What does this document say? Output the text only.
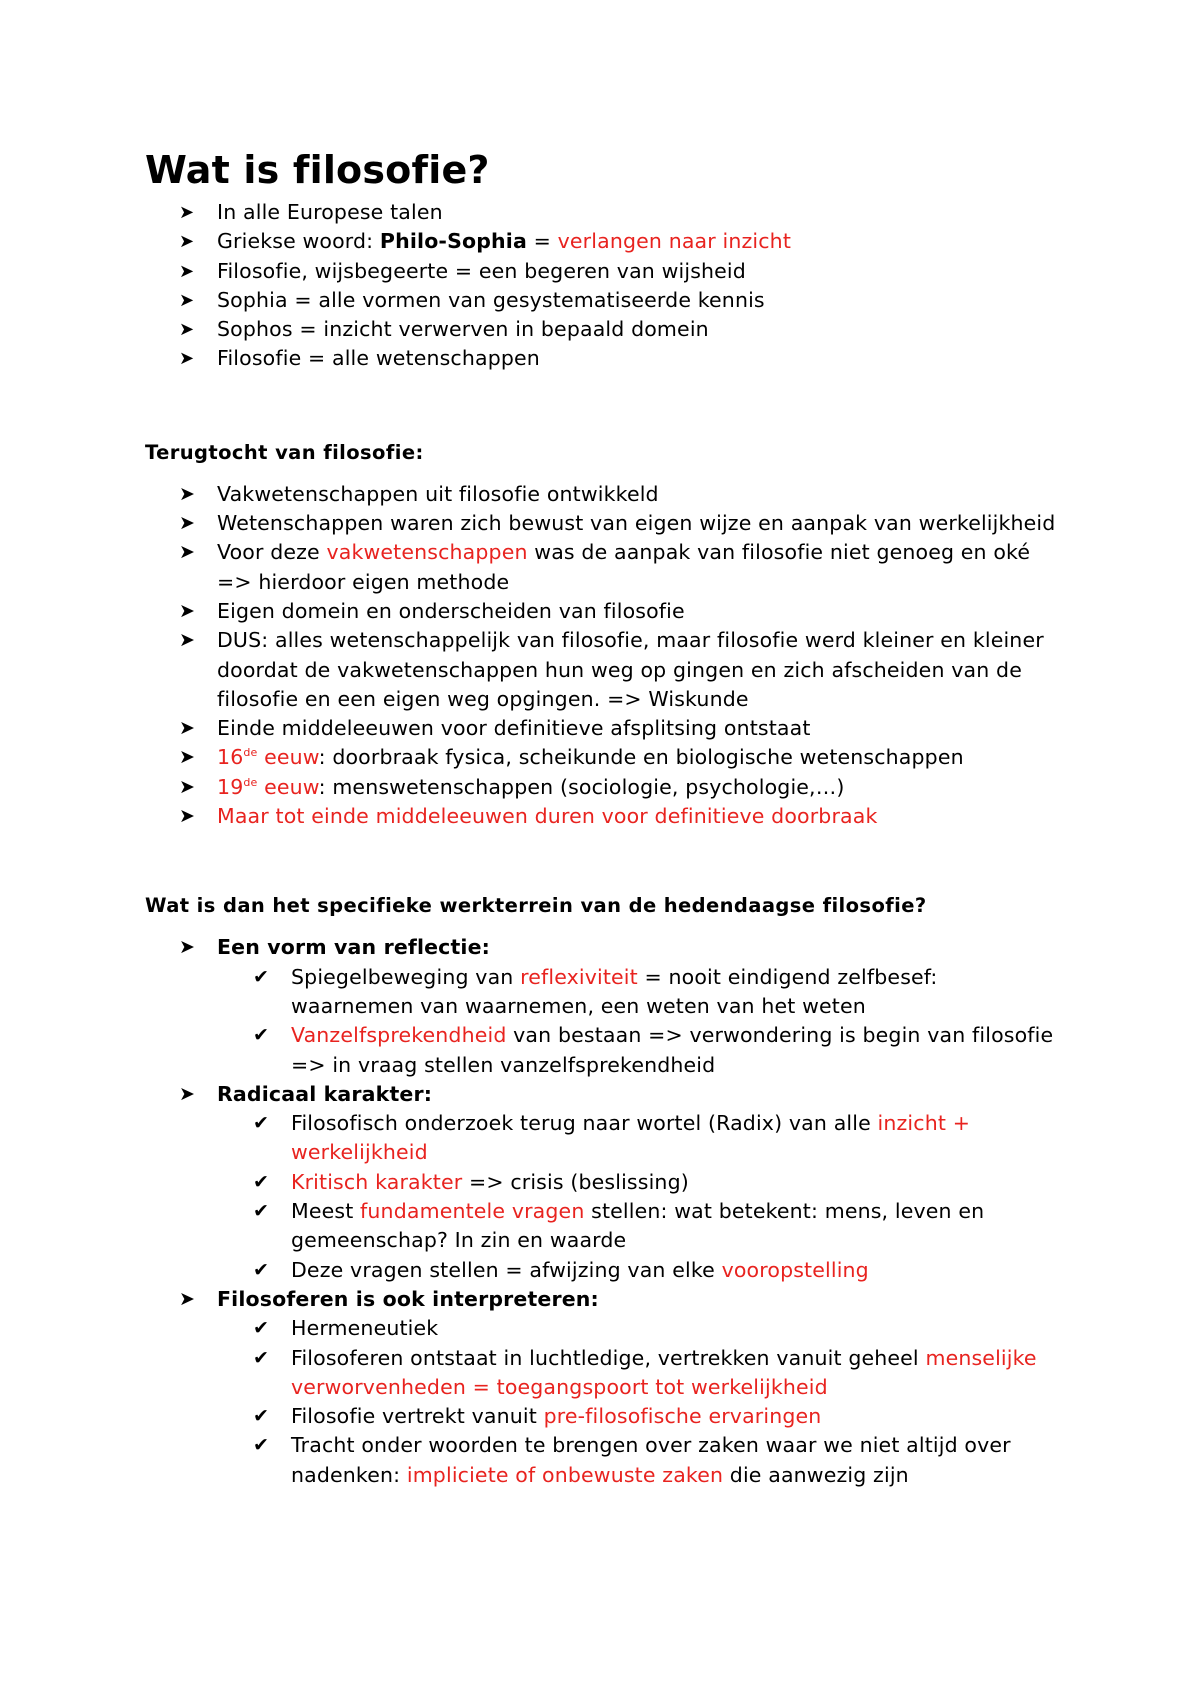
Wat is filosofie?
➤	In alle Europese talen
➤	Griekse woord: Philo-Sophia = verlangen naar inzicht
➤	Filosofie, wijsbegeerte = een begeren van wijsheid
➤	Sophia = alle vormen van gesystematiseerde kennis
➤	Sophos = inzicht verwerven in bepaald domein
➤	Filosofie = alle wetenschappen
Terugtocht van filosofie:
➤ Vakwetenschappen uit filosofie ontwikkeld
➤ Wetenschappen waren zich bewust van eigen wijze en aanpak van werkelijkheid
➤ Voor deze vakwetenschappen was de aanpak van filosofie niet genoeg en oké => hierdoor eigen methode
➤ Eigen domein en onderscheiden van filosofie
➤ DUS: alles wetenschappelijk van filosofie, maar filosofie werd kleiner en kleiner doordat de vakwetenschappen hun weg op gingen en zich afscheiden van de filosofie en een eigen weg opgingen. => Wiskunde
➤ Einde middeleeuwen voor definitieve afsplitsing ontstaat
➤ 16de eeuw: doorbraak fysica, scheikunde en biologische wetenschappen
➤ 19de eeuw: menswetenschappen (sociologie, psychologie,…)
➤ Maar tot einde middeleeuwen duren voor definitieve doorbraak
Wat is dan het specifieke werkterrein van de hedendaagse filosofie?
➤ Een vorm van reflectie:
✔ Spiegelbeweging van reflexiviteit = nooit eindigend zelfbesef: waarnemen van waarnemen, een weten van het weten
✔ Vanzelfsprekendheid van bestaan => verwondering is begin van filosofie => in vraag stellen vanzelfsprekendheid
➤ Radicaal karakter:
✔ Filosofisch onderzoek terug naar wortel (Radix) van alle inzicht + werkelijkheid
✔ Kritisch karakter => crisis (beslissing)
✔ Meest fundamentele vragen stellen: wat betekent: mens, leven en gemeenschap? In zin en waarde
✔ Deze vragen stellen = afwijzing van elke vooropstelling
➤ Filosoferen is ook interpreteren:
✔ Hermeneutiek
✔ Filosoferen ontstaat in luchtledige, vertrekken vanuit geheel menselijke verworvenheden = toegangspoort tot werkelijkheid
✔ Filosofie vertrekt vanuit pre-filosofische ervaringen
✔ Tracht onder woorden te brengen over zaken waar we niet altijd over nadenken: impliciete of onbewuste zaken die aanwezig zijn
